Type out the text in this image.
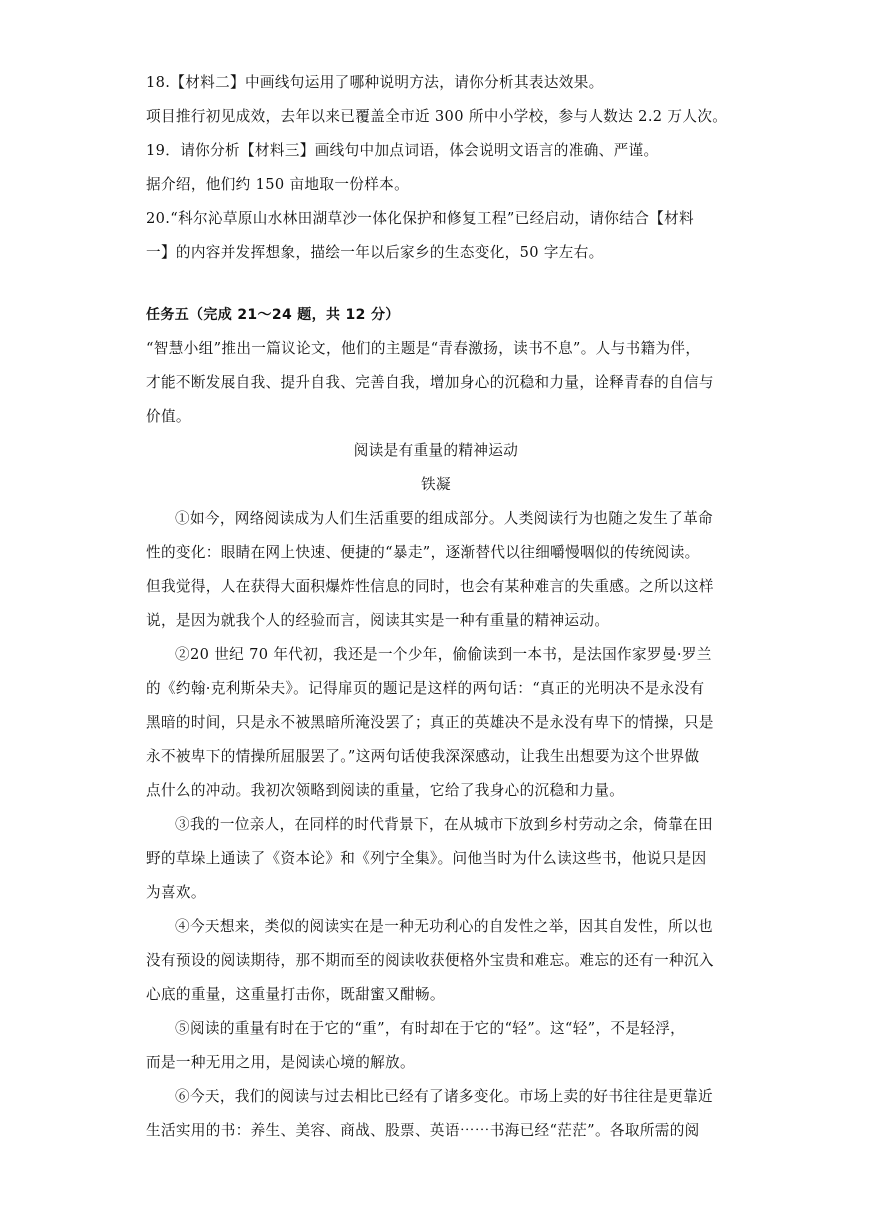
18.【材料二】中画线句运用了哪种说明方法，请你分析其表达效果。
项目推行初见成效，去年以来已覆盖全市近 300 所中小学校，参与人数达 2.2 万人次。
19．请你分析【材料三】画线句中加点词语，体会说明文语言的准确、严谨。
据介绍，他们约 150 亩地取一份样本。
20.“科尔沁草原山水林田湖草沙一体化保护和修复工程”已经启动，请你结合【材料
一】的内容并发挥想象，描绘一年以后家乡的生态变化，50 字左右。
任务五（完成 21～24 题，共 12 分）
“智慧小组”推出一篇议论文，他们的主题是“青春激扬，读书不息”。人与书籍为伴，
才能不断发展自我、提升自我、完善自我，增加身心的沉稳和力量，诠释青春的自信与
价值。
阅读是有重量的精神运动
铁凝
①如今，网络阅读成为人们生活重要的组成部分。人类阅读行为也随之发生了革命
性的变化：眼睛在网上快速、便捷的“暴走”，逐渐替代以往细嚼慢咽似的传统阅读。
但我觉得，人在获得大面积爆炸性信息的同时，也会有某种难言的失重感。之所以这样
说，是因为就我个人的经验而言，阅读其实是一种有重量的精神运动。
②20 世纪 70 年代初，我还是一个少年，偷偷读到一本书，是法国作家罗曼·罗兰
的《约翰·克利斯朵夫》。记得扉页的题记是这样的两句话：“真正的光明决不是永没有
黑暗的时间，只是永不被黑暗所淹没罢了；真正的英雄决不是永没有卑下的情操，只是
永不被卑下的情操所屈服罢了。”这两句话使我深深感动，让我生出想要为这个世界做
点什么的冲动。我初次领略到阅读的重量，它给了我身心的沉稳和力量。
③我的一位亲人，在同样的时代背景下，在从城市下放到乡村劳动之余，倚靠在田
野的草垛上通读了《资本论》和《列宁全集》。问他当时为什么读这些书，他说只是因
为喜欢。
④今天想来，类似的阅读实在是一种无功利心的自发性之举，因其自发性，所以也
没有预设的阅读期待，那不期而至的阅读收获便格外宝贵和难忘。难忘的还有一种沉入
心底的重量，这重量打击你，既甜蜜又酣畅。
⑤阅读的重量有时在于它的“重”，有时却在于它的“轻”。这“轻”，不是轻浮，
而是一种无用之用，是阅读心境的解放。
⑥今天，我们的阅读与过去相比已经有了诸多变化。市场上卖的好书往往是更靠近
生活实用的书：养生、美容、商战、股票、英语⋯⋯书海已经“茫茫”。各取所需的阅
